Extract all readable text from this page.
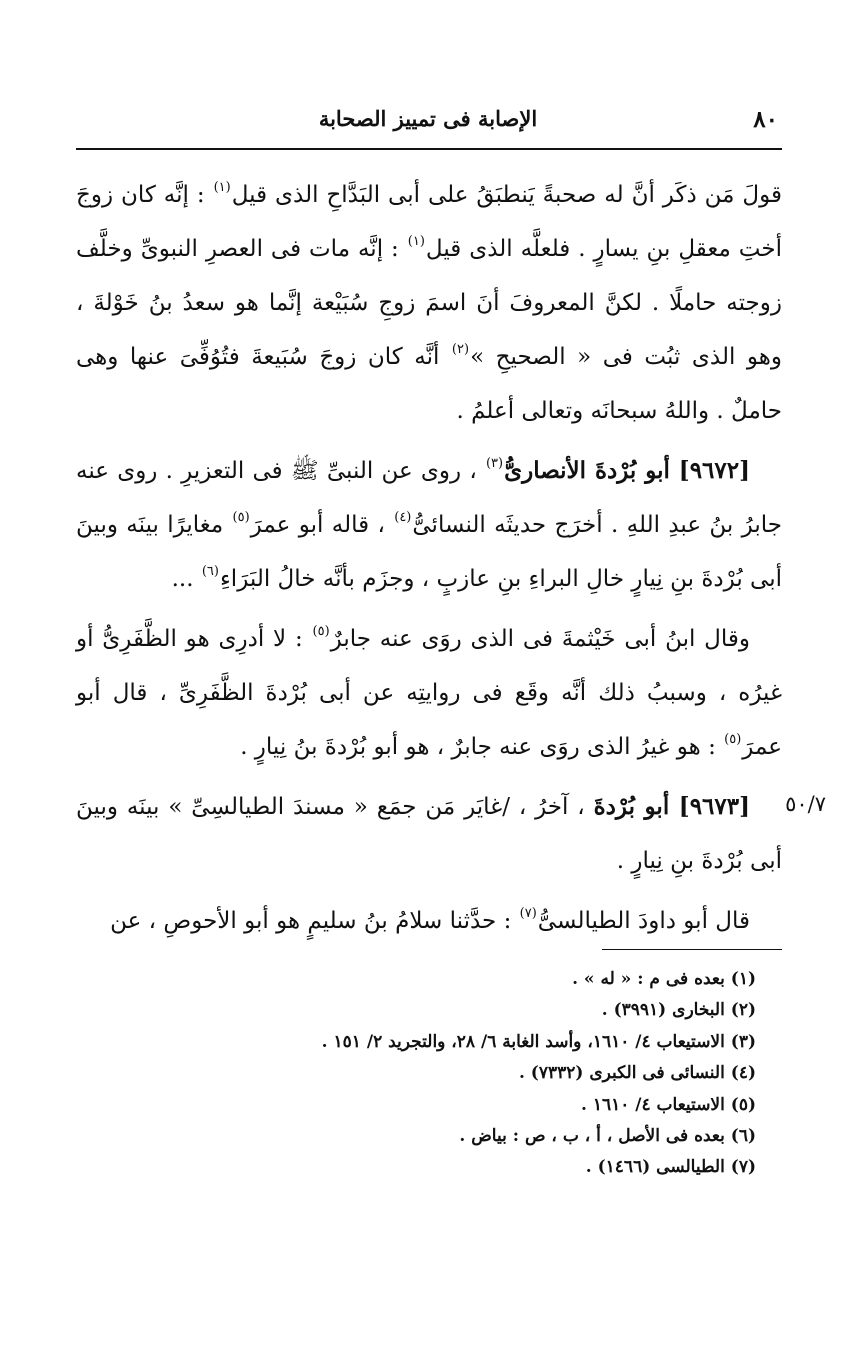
٨٠
الإصابة فى تمييز الصحابة
٥٠/٧

قولَ مَن ذكَر أنَّ له صحبةً يَنطبَقُ على أبى البَدَّاحِ الذى قيل$^{(١)}$ : إنَّه كان زوجَ أختِ معقلِ بنِ يسارٍ . فلعلَّه الذى قيل$^{(١)}$ : إنَّه مات فى العصرِ النبوىِّ وخلَّف زوجته حاملًا . لكنَّ المعروفَ أنَ اسمَ زوجِ سُبَيْعة إنَّما هو سعدُ بنُ خَوْلةَ ، وهو الذى ثبُت فى « الصحيحِ »$^{(٢)}$ أنَّه كان زوجَ سُبَيعةَ فتُوُفِّىَ عنها وهى حاملٌ . واللهُ سبحانَه وتعالى أعلمُ .

[٩٦٧٢] أبو بُرْدةَ الأنصارىُّ$^{(٣)}$ ، روى عن النبىِّ ﷺ فى التعزيرِ . روى عنه جابرُ بنُ عبدِ اللهِ . أخرَج حديثَه النسائىُّ$^{(٤)}$ ، قاله أبو عمرَ$^{(٥)}$ مغايرًا بينَه وبينَ أبى بُرْدةَ بنِ نِيارٍ خالِ البراءِ بنِ عازبٍ ، وجزَم بأنَّه خالُ البَرَاءِ$^{(٦)}$ ...

وقال ابنُ أبى خَيْثمةَ فى الذى روَى عنه جابرٌ$^{(٥)}$ : لا أدرِى هو الظَّفَرِىُّ أو غيرُه ، وسببُ ذلك أنَّه وقَع فى روايتِه عن أبى بُرْدةَ الظَّفَرِىِّ ، قال أبو عمرَ$^{(٥)}$ : هو غيرُ الذى روَى عنه جابرٌ ، هو أبو بُرْدةَ بنُ نِيارٍ .

[٩٦٧٣] أبو بُرْدةَ ، آخرُ ، /غايَر مَن جمَع « مسندَ الطيالسِىِّ » بينَه وبينَ أبى بُرْدةَ بنِ نِيارٍ .

قال أبو داودَ الطيالسىُّ$^{(٧)}$ : حدَّثنا سلامُ بنُ سليمٍ هو أبو الأحوصِ ، عن

(١) بعده فى م : « له » .

(٢) البخارى (٣٩٩١) .

(٣) الاستيعاب ٤/ ١٦١٠، وأسد الغابة ٦/ ٢٨، والتجريد ٢/ ١٥١ .

(٤) النسائى فى الكبرى (٧٣٣٢) .

(٥) الاستيعاب ٤/ ١٦١٠ .

(٦) بعده فى الأصل ، أ ، ب ، ص : بياض .

(٧) الطيالسى (١٤٦٦) .
